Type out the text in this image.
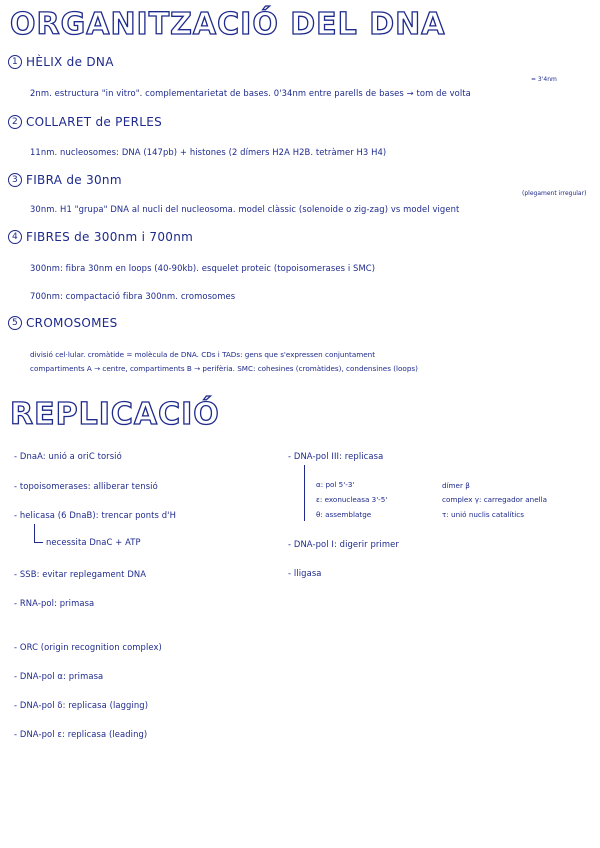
ORGANITZACIÓ DEL DNA
1 HÈLIX de DNA
= 3'4nm
2nm. estructura "in vitro". complementarietat de bases. 0'34nm entre parells de bases → tom de volta
2 COLLARET de PERLES
11nm. nucleosomes: DNA (147pb) + histones (2 dímers H2A H2B. tetràmer H3 H4)
3 FIBRA de 30nm
(plegament irregular)
30nm. H1 "grupa" DNA al nucli del nucleosoma. model clàssic (solenoide o zig-zag) vs model vigent
4 FIBRES de 300nm i 700nm
300nm: fibra 30nm en loops (40-90kb). esquelet proteic (topoisomerases i SMC)
700nm: compactació fibra 300nm. cromosomes
5 CROMOSOMES
divisió cel·lular. cromàtide = molècula de DNA. CDs i TADs: gens que s'expressen conjuntament
compartiments A → centre, compartiments B → perifèria. SMC: cohesines (cromàtides), condensines (loops)
REPLICACIÓ
- DnaA: unió a oriC torsió
- topoisomerases: alliberar tensió
- helicasa (6 DnaB): trencar ponts d'H
necessita DnaC + ATP
- SSB: evitar replegament DNA
- RNA-pol: primasa
- ORC (origin recognition complex)
- DNA-pol α: primasa
- DNA-pol δ: replicasa (lagging)
- DNA-pol ε: replicasa (leading)
- DNA-pol III: replicasa
α: pol 5'-3'
ε: exonucleasa 3'-5'
θ: assemblatge
dímer β
complex γ: carregador anella
τ: unió nuclis catalítics
- DNA-pol I: digerir primer
- lligasa
